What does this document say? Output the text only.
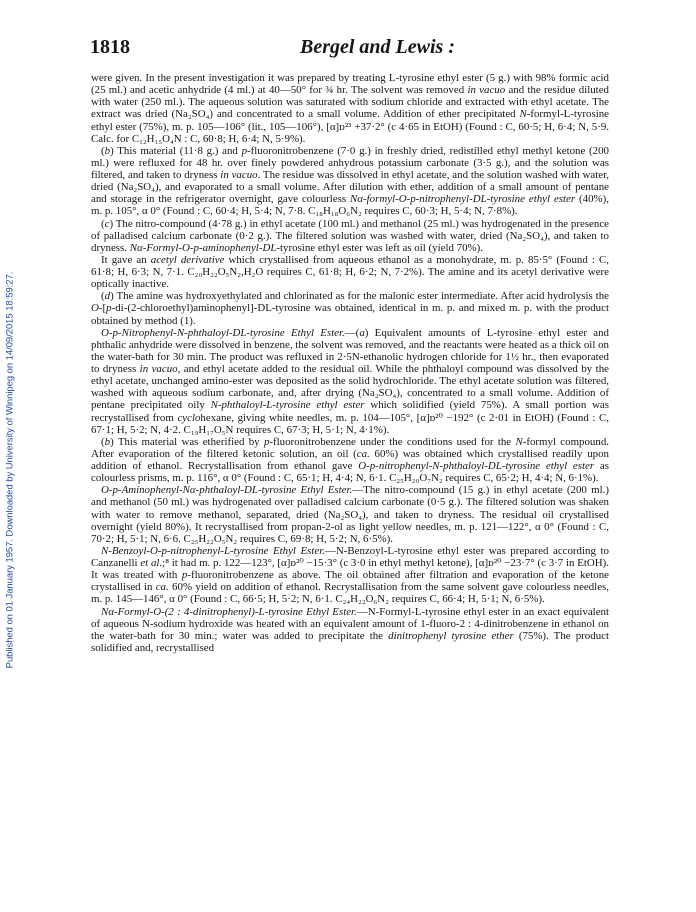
1818	Bergel and Lewis :
Published on 01 January 1957. Downloaded by University of Winnipeg on 14/09/2015 18:59:27.

were given. In the present investigation it was prepared by treating L-tyrosine ethyl ester (5 g.) with 98% formic acid (25 ml.) and acetic anhydride (4 ml.) at 40—50° for ¾ hr. The solvent was removed in vacuo and the residue diluted with water (250 ml.). The aqueous solution was saturated with sodium chloride and extracted with ethyl acetate. The extract was dried (Na₂SO₄) and concentrated to a small volume. Addition of ether precipitated N-formyl-L-tyrosine ethyl ester (75%), m. p. 105—106° (lit., 105—106°), [α]ᴅ²³ +37·2° (c 4·65 in EtOH) (Found : C, 60·5; H, 6·4; N, 5·9. Calc. for C₁₂H₁₅O₄N : C, 60·8; H, 6·4; N, 5·9%).

(b) This material (11·8 g.) and p-fluoronitrobenzene (7·0 g.) in freshly dried, redistilled ethyl methyl ketone (200 ml.) were refluxed for 48 hr. over finely powdered anhydrous potassium carbonate (3·5 g.), and the solution was filtered, and taken to dryness in vacuo. The residue was dissolved in ethyl acetate, and the solution washed with water, dried (Na₂SO₄), and evaporated to a small volume. After dilution with ether, addition of a small amount of pentane and storage in the refrigerator overnight, gave colourless Nα-formyl-O-p-nitrophenyl-DL-tyrosine ethyl ester (40%), m. p. 105°, α 0° (Found : C, 60·4; H, 5·4; N, 7·8. C₁₈H₁₈O₆N₂ requires C, 60·3; H, 5·4; N, 7·8%).

(c) The nitro-compound (4·78 g.) in ethyl acetate (100 ml.) and methanol (25 ml.) was hydrogenated in the presence of palladised calcium carbonate (0·2 g.). The filtered solution was washed with water, dried (Na₂SO₄), and taken to dryness. Nα-Formyl-O-p-aminophenyl-DL-tyrosine ethyl ester was left as oil (yield 70%).

It gave an acetyl derivative which crystallised from aqueous ethanol as a monohydrate, m. p. 85·5° (Found : C, 61·8; H, 6·3; N, 7·1. C₂₀H₂₂O₅N₂,H₂O requires C, 61·8; H, 6·2; N, 7·2%). The amine and its acetyl derivative were optically inactive.

(d) The amine was hydroxyethylated and chlorinated as for the malonic ester intermediate. After acid hydrolysis the O-[p-di-(2-chloroethyl)aminophenyl]-DL-tyrosine was obtained, identical in m. p. and mixed m. p. with the product obtained by method (1).

O-p-Nitrophenyl-N-phthaloyl-DL-tyrosine Ethyl Ester.—(a) Equivalent amounts of L-tyrosine ethyl ester and phthalic anhydride were dissolved in benzene, the solvent was removed, and the reactants were heated as a thick oil on the water-bath for 30 min. The product was refluxed in 2·5N-ethanolic hydrogen chloride for 1½ hr., then evaporated to dryness in vacuo, and ethyl acetate added to the residual oil. While the phthaloyl compound was dissolved by the ethyl acetate, unchanged amino-ester was deposited as the solid hydrochloride. The ethyl acetate solution was filtered, washed with aqueous sodium carbonate, and, after drying (Na₂SO₄), concentrated to a small volume. Addition of pentane precipitated oily N-phthaloyl-L-tyrosine ethyl ester which solidified (yield 75%). A small portion was recrystallised from cyclohexane, giving white needles, m. p. 104—105°, [α]ᴅ²⁰ −192° (c 2·01 in EtOH) (Found : C, 67·1; H, 5·2; N, 4·2. C₁₉H₁₇O₅N requires C, 67·3; H, 5·1; N, 4·1%).

(b) This material was etherified by p-fluoronitrobenzene under the conditions used for the N-formyl compound. After evaporation of the filtered ketonic solution, an oil (ca. 60%) was obtained which crystallised readily upon addition of ethanol. Recrystallisation from ethanol gave O-p-nitrophenyl-N-phthaloyl-DL-tyrosine ethyl ester as colourless prisms, m. p. 116°, α 0° (Found : C, 65·1; H, 4·4; N, 6·1. C₂₅H₂₀O₇N₂ requires C, 65·2; H, 4·4; N, 6·1%).

O-p-Aminophenyl-Nα-phthaloyl-DL-tyrosine Ethyl Ester.—The nitro-compound (15 g.) in ethyl acetate (200 ml.) and methanol (50 ml.) was hydrogenated over palladised calcium carbonate (0·5 g.). The filtered solution was shaken with water to remove methanol, separated, dried (Na₂SO₄), and taken to dryness. The residual oil crystallised overnight (yield 80%). It recrystallised from propan-2-ol as light yellow needles, m. p. 121—122°, α 0° (Found : C, 70·2; H, 5·1; N, 6·6. C₂₅H₂₂O₅N₂ requires C, 69·8; H, 5·2; N, 6·5%).

N-Benzoyl-O-p-nitrophenyl-L-tyrosine Ethyl Ester.—N-Benzoyl-L-tyrosine ethyl ester was prepared according to Canzanelli et al.;⁸ it had m. p. 122—123°, [α]ᴅ²⁰ −15·3° (c 3·0 in ethyl methyl ketone), [α]ᴅ²⁰ −23·7° (c 3·7 in EtOH). It was treated with p-fluoronitrobenzene as above. The oil obtained after filtration and evaporation of the ketone crystallised in ca. 60% yield on addition of ethanol. Recrystallisation from the same solvent gave colourless needles, m. p. 145—146°, α 0° (Found : C, 66·5; H, 5·2; N, 6·1. C₂₄H₂₂O₆N₂ requires C, 66·4; H, 5·1; N, 6·5%).

Nα-Formyl-O-(2 : 4-dinitrophenyl)-L-tyrosine Ethyl Ester.—N-Formyl-L-tyrosine ethyl ester in an exact equivalent of aqueous N-sodium hydroxide was heated with an equivalent amount of 1-fluoro-2 : 4-dinitrobenzene in ethanol on the water-bath for 30 min.; water was added to precipitate the dinitrophenyl tyrosine ether (75%). The product solidified and, recrystallised
